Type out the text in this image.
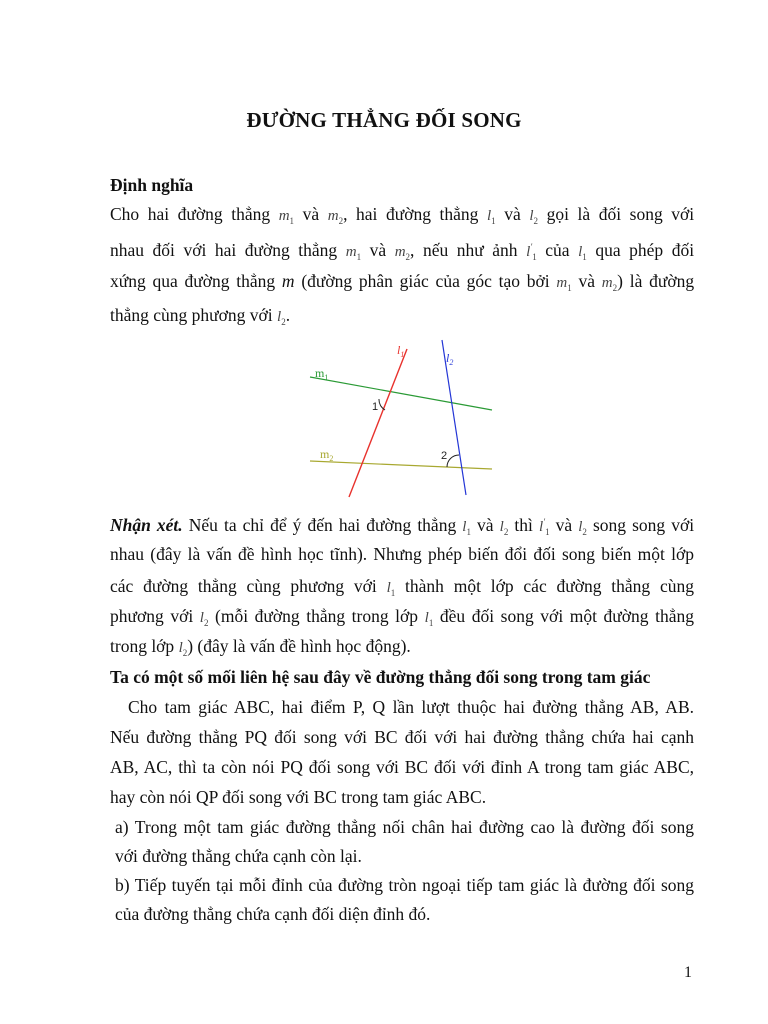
ĐƯỜNG THẲNG ĐỐI SONG
Định nghĩa
Cho hai đường thẳng $m_1$ và $m_2$, hai đường thẳng $l_1$ và $l_2$ gọi là đối song với
nhau đối với hai đường thẳng $m_1$ và $m_2$, nếu như ảnh $l'_1$ của $l_1$ qua phép đối
xứng qua đường thẳng m (đường phân giác của góc tạo bởi $m_1$ và $m_2$) là đường
thẳng cùng phương với $l_2$.
$l_1$	$l_2$
$m_1$
$m_2$
1
2
Nhận xét. Nếu ta chỉ để ý đến hai đường thẳng $l_1$ và $l_2$ thì $l'_1$ và $l_2$ song song với
nhau (đây là vấn đề hình học tĩnh). Nhưng phép biến đổi đối song biến một lớp
các đường thẳng cùng phương với $l_1$ thành một lớp các đường thẳng cùng
phương với $l_2$ (mỗi đường thẳng trong lớp $l_1$ đều đối song với một đường thẳng
trong lớp $l_2$) (đây là vấn đề hình học động).
Ta có một số mối liên hệ sau đây về đường thẳng đối song trong tam giác
Cho tam giác ABC, hai điểm P, Q lần lượt thuộc hai đường thẳng AB, AB.
Nếu đường thẳng PQ đối song với BC đối với hai đường thẳng chứa hai cạnh
AB, AC, thì ta còn nói PQ đối song với BC đối với đỉnh A trong tam giác ABC,
hay còn nói QP đối song với BC trong tam giác ABC.
a) Trong một tam giác đường thẳng nối chân hai đường cao là đường đối song
với đường thẳng chứa cạnh còn lại.
b) Tiếp tuyến tại mỗi đỉnh của đường tròn ngoại tiếp tam giác là đường đối song
của đường thẳng chứa cạnh đối diện đỉnh đó.
1
